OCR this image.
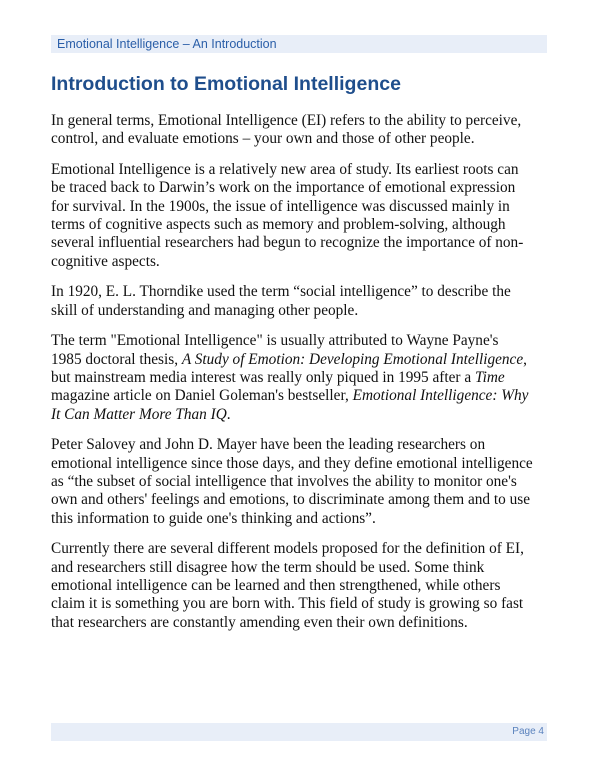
Emotional Intelligence – An Introduction
Introduction to Emotional Intelligence

In general terms, Emotional Intelligence (EI) refers to the ability to perceive,
control, and evaluate emotions – your own and those of other people.

Emotional Intelligence is a relatively new area of study. Its earliest roots can
be traced back to Darwin’s work on the importance of emotional expression
for survival. In the 1900s, the issue of intelligence was discussed mainly in
terms of cognitive aspects such as memory and problem-solving, although
several influential researchers had begun to recognize the importance of non-
cognitive aspects.

In 1920, E. L. Thorndike used the term “social intelligence” to describe the
skill of understanding and managing other people.

The term "Emotional Intelligence" is usually attributed to Wayne Payne's
1985 doctoral thesis, A Study of Emotion: Developing Emotional Intelligence,
but mainstream media interest was really only piqued in 1995 after a Time
magazine article on Daniel Goleman's bestseller, Emotional Intelligence: Why
It Can Matter More Than IQ.

Peter Salovey and John D. Mayer have been the leading researchers on
emotional intelligence since those days, and they define emotional intelligence
as “the subset of social intelligence that involves the ability to monitor one's
own and others' feelings and emotions, to discriminate among them and to use
this information to guide one's thinking and actions”.

Currently there are several different models proposed for the definition of EI,
and researchers still disagree how the term should be used. Some think
emotional intelligence can be learned and then strengthened, while others
claim it is something you are born with. This field of study is growing so fast
that researchers are constantly amending even their own definitions.

Page 4
